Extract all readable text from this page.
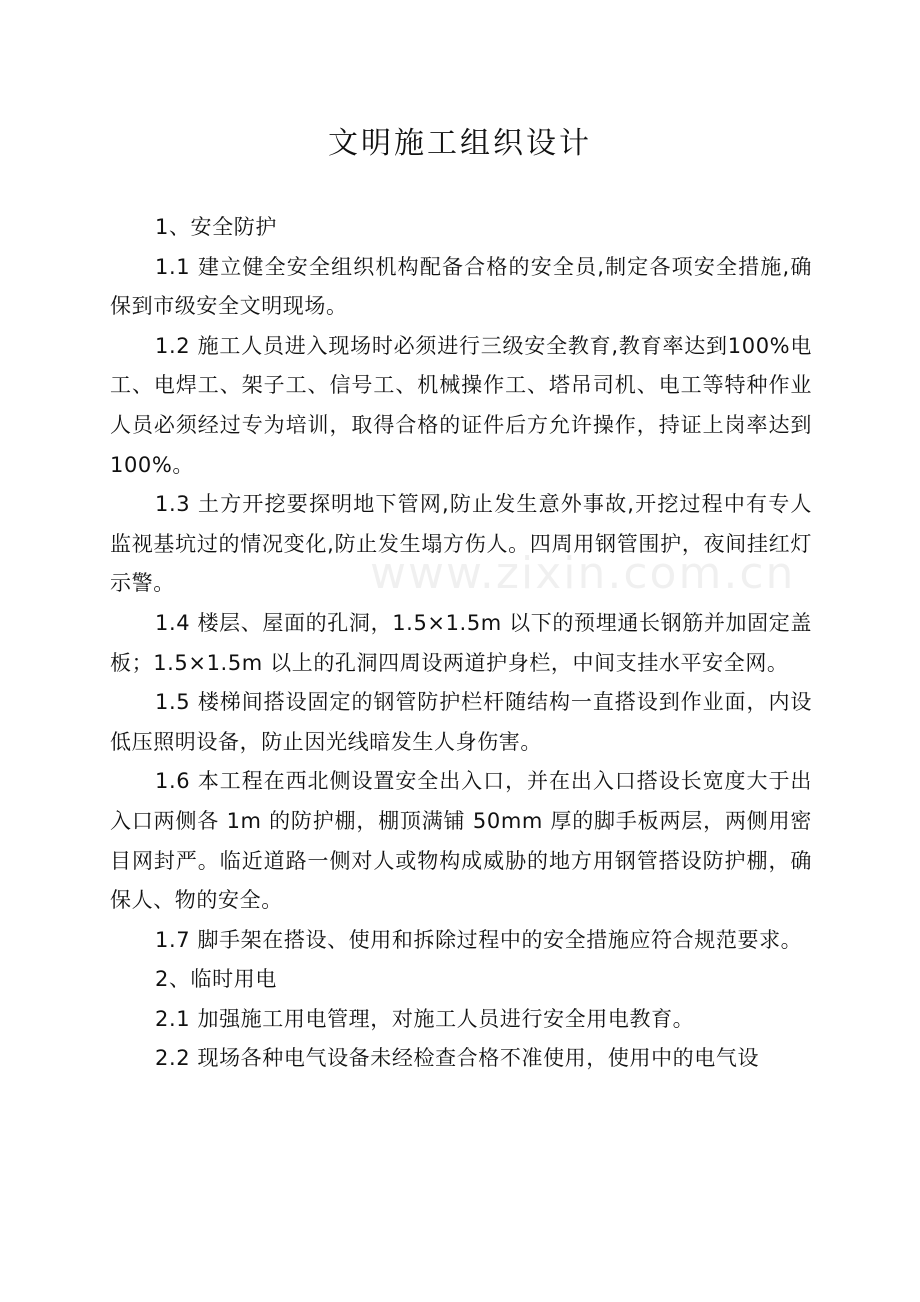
文明施工组织设计
www.zixin.com.cn

1、安全防护

1.1 建立健全安全组织机构配备合格的安全员,制定各项安全措施,确保到市级安全文明现场。

1.2 施工人员进入现场时必须进行三级安全教育,教育率达到100%电工、电焊工、架子工、信号工、机械操作工、塔吊司机、电工等特种作业人员必须经过专为培训，取得合格的证件后方允许操作，持证上岗率达到100%。

1.3 土方开挖要探明地下管网,防止发生意外事故,开挖过程中有专人监视基坑过的情况变化,防止发生塌方伤人。四周用钢管围护，夜间挂红灯示警。

1.4 楼层、屋面的孔洞，1.5×1.5m 以下的预埋通长钢筋并加固定盖板；1.5×1.5m 以上的孔洞四周设两道护身栏，中间支挂水平安全网。

1.5 楼梯间搭设固定的钢管防护栏杆随结构一直搭设到作业面，内设低压照明设备，防止因光线暗发生人身伤害。

1.6 本工程在西北侧设置安全出入口，并在出入口搭设长宽度大于出入口两侧各 1m 的防护棚，棚顶满铺 50mm 厚的脚手板两层，两侧用密目网封严。临近道路一侧对人或物构成威胁的地方用钢管搭设防护棚，确保人、物的安全。

1.7 脚手架在搭设、使用和拆除过程中的安全措施应符合规范要求。

2、临时用电

2.1 加强施工用电管理，对施工人员进行安全用电教育。

2.2 现场各种电气设备未经检查合格不准使用，使用中的电气设
